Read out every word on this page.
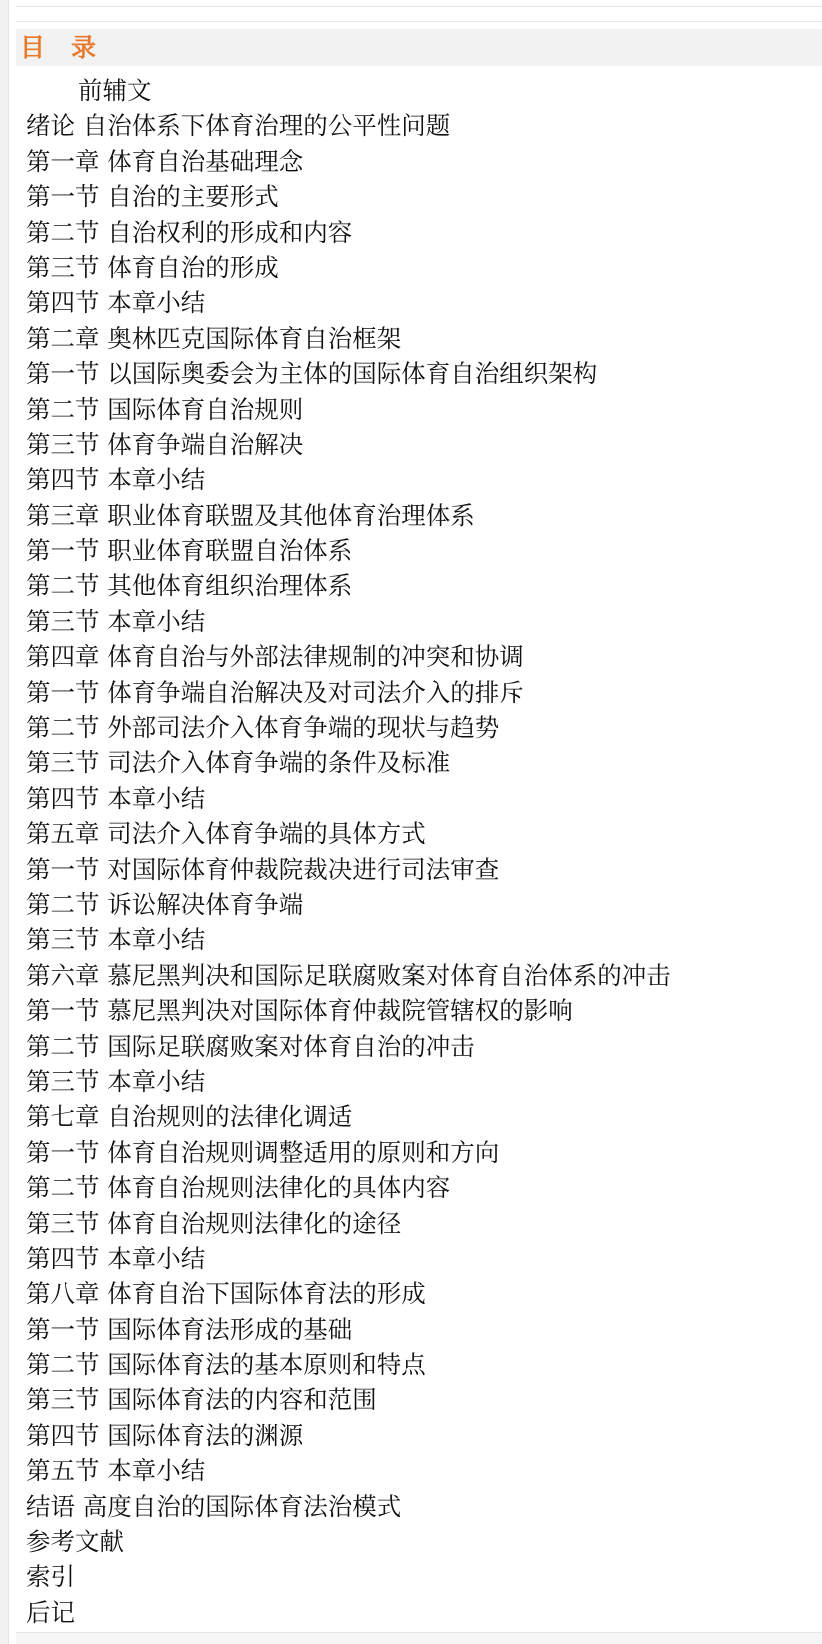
目录
前辅文
绪论 自治体系下体育治理的公平性问题
第一章 体育自治基础理念
第一节 自治的主要形式
第二节 自治权利的形成和内容
第三节 体育自治的形成
第四节 本章小结
第二章 奥林匹克国际体育自治框架
第一节 以国际奥委会为主体的国际体育自治组织架构
第二节 国际体育自治规则
第三节 体育争端自治解决
第四节 本章小结
第三章 职业体育联盟及其他体育治理体系
第一节 职业体育联盟自治体系
第二节 其他体育组织治理体系
第三节 本章小结
第四章 体育自治与外部法律规制的冲突和协调
第一节 体育争端自治解决及对司法介入的排斥
第二节 外部司法介入体育争端的现状与趋势
第三节 司法介入体育争端的条件及标准
第四节 本章小结
第五章 司法介入体育争端的具体方式
第一节 对国际体育仲裁院裁决进行司法审查
第二节 诉讼解决体育争端
第三节 本章小结
第六章 慕尼黑判决和国际足联腐败案对体育自治体系的冲击
第一节 慕尼黑判决对国际体育仲裁院管辖权的影响
第二节 国际足联腐败案对体育自治的冲击
第三节 本章小结
第七章 自治规则的法律化调适
第一节 体育自治规则调整适用的原则和方向
第二节 体育自治规则法律化的具体内容
第三节 体育自治规则法律化的途径
第四节 本章小结
第八章 体育自治下国际体育法的形成
第一节 国际体育法形成的基础
第二节 国际体育法的基本原则和特点
第三节 国际体育法的内容和范围
第四节 国际体育法的渊源
第五节 本章小结
结语 高度自治的国际体育法治模式
参考文献
索引
后记
